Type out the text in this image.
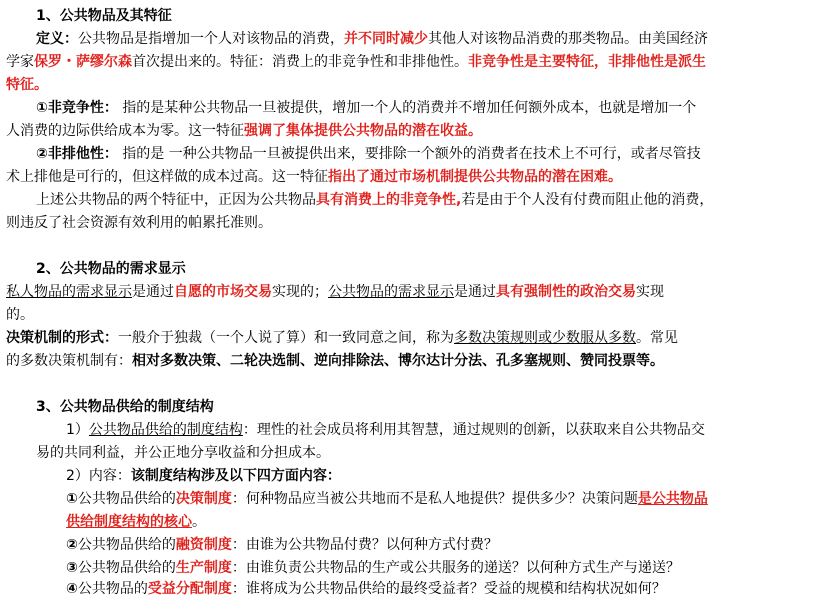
1、公共物品及其特征
定义：公共物品是指增加一个人对该物品的消费，并不同时减少其他人对该物品消费的那类物品。由美国经济
学家保罗・萨缪尔森首次提出来的。特征：消费上的非竞争性和非排他性。非竞争性是主要特征，非排他性是派生
特征。
①非竞争性： 指的是某种公共物品一旦被提供，增加一个人的消费并不增加任何额外成本，也就是增加一个
人消费的边际供给成本为零。这一特征强调了集体提供公共物品的潜在收益。
②非排他性： 指的是 一种公共物品一旦被提供出来，要排除一个额外的消费者在技术上不可行，或者尽管技
术上排他是可行的，但这样做的成本过高。这一特征指出了通过市场机制提供公共物品的潜在困难。
上述公共物品的两个特征中，正因为公共物品具有消费上的非竞争性,若是由于个人没有付费而阻止他的消费，
则违反了社会资源有效利用的帕累托准则。
2、公共物品的需求显示
私人物品的需求显示是通过自愿的市场交易实现的；公共物品的需求显示是通过具有强制性的政治交易实现
的。
决策机制的形式：一般介于独裁（一个人说了算）和一致同意之间，称为多数决策规则或少数服从多数。常见
的多数决策机制有：相对多数决策、二轮决选制、逆向排除法、博尔达计分法、孔多塞规则、赞同投票等。
3、公共物品供给的制度结构
1）公共物品供给的制度结构：理性的社会成员将利用其智慧，通过规则的创新，以获取来自公共物品交
易的共同利益，并公正地分享收益和分担成本。
2）内容：该制度结构涉及以下四方面内容：
①公共物品供给的决策制度：何种物品应当被公共地而不是私人地提供？提供多少？决策问题是公共物品
供给制度结构的核心。
②公共物品供给的融资制度：由谁为公共物品付费？以何种方式付费？
③公共物品供给的生产制度：由谁负责公共物品的生产或公共服务的递送？以何种方式生产与递送？
④公共物品的受益分配制度：谁将成为公共物品供给的最终受益者？受益的规模和结构状况如何？
